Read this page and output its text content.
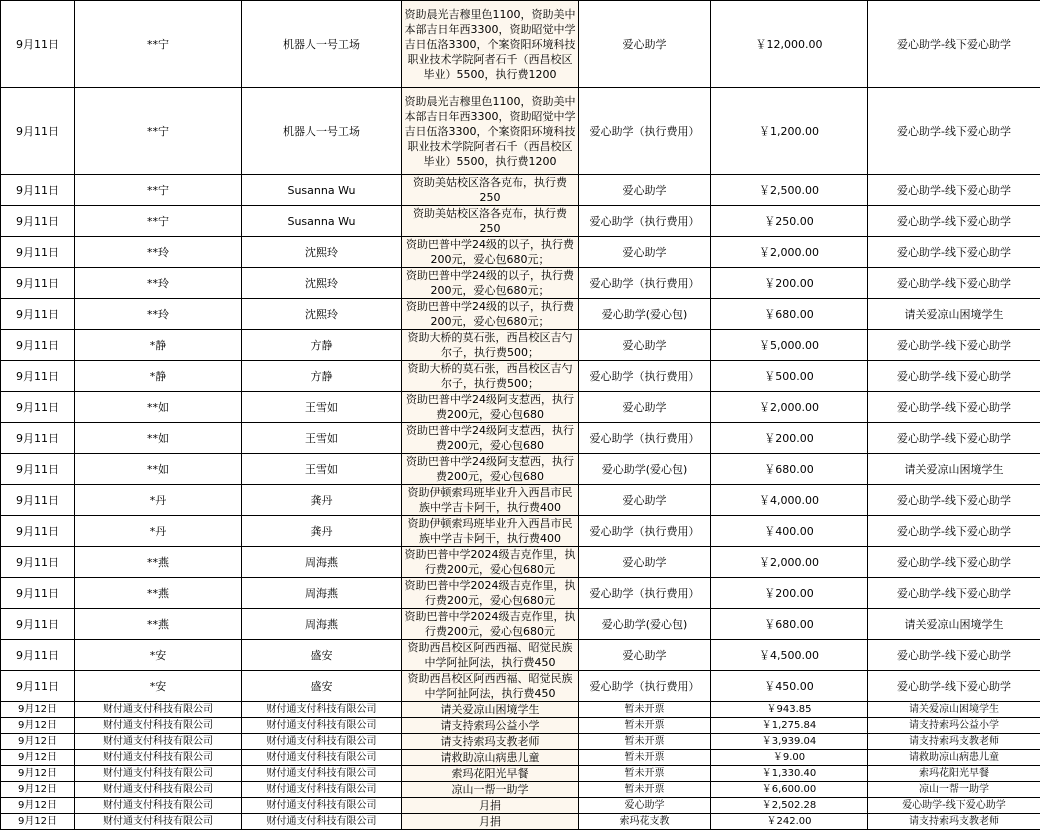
9月11日	**宁	机器人一号工场	资助晨光吉穆里色1100，资助美中本部吉日年西3300，资助昭觉中学吉日伍洛3300，个案资阳环境科技职业技术学院阿者石千（西昌校区毕业）5500，执行费1200	爱心助学	￥12,000.00	爱心助学-线下爱心助学
9月11日	**宁	机器人一号工场	资助晨光吉穆里色1100，资助美中本部吉日年西3300，资助昭觉中学吉日伍洛3300，个案资阳环境科技职业技术学院阿者石千（西昌校区毕业）5500，执行费1200	爱心助学（执行费用）	￥1,200.00	爱心助学-线下爱心助学
9月11日	**宁	Susanna Wu	资助美姑校区洛各克布，执行费250	爱心助学	￥2,500.00	爱心助学-线下爱心助学
9月11日	**宁	Susanna Wu	资助美姑校区洛各克布，执行费250	爱心助学（执行费用）	￥250.00	爱心助学-线下爱心助学
9月11日	**玲	沈熙玲	资助巴普中学24级的以子，执行费200元，爱心包680元；	爱心助学	￥2,000.00	爱心助学-线下爱心助学
9月11日	**玲	沈熙玲	资助巴普中学24级的以子，执行费200元，爱心包680元；	爱心助学（执行费用）	￥200.00	爱心助学-线下爱心助学
9月11日	**玲	沈熙玲	资助巴普中学24级的以子，执行费200元，爱心包680元；	爱心助学(爱心包)	￥680.00	请关爱凉山困境学生
9月11日	*静	方静	资助大桥的莫石张，西昌校区吉勺尔子，执行费500；	爱心助学	￥5,000.00	爱心助学-线下爱心助学
9月11日	*静	方静	资助大桥的莫石张，西昌校区吉勺尔子，执行费500；	爱心助学（执行费用）	￥500.00	爱心助学-线下爱心助学
9月11日	**如	王雪如	资助巴普中学24级阿支惹西，执行费200元，爱心包680	爱心助学	￥2,000.00	爱心助学-线下爱心助学
9月11日	**如	王雪如	资助巴普中学24级阿支惹西，执行费200元，爱心包680	爱心助学（执行费用）	￥200.00	爱心助学-线下爱心助学
9月11日	**如	王雪如	资助巴普中学24级阿支惹西，执行费200元，爱心包680	爱心助学(爱心包)	￥680.00	请关爱凉山困境学生
9月11日	*丹	龚丹	资助伊顿索玛班毕业升入西昌市民族中学吉卡阿干，执行费400	爱心助学	￥4,000.00	爱心助学-线下爱心助学
9月11日	*丹	龚丹	资助伊顿索玛班毕业升入西昌市民族中学吉卡阿干，执行费400	爱心助学（执行费用）	￥400.00	爱心助学-线下爱心助学
9月11日	**燕	周海燕	资助巴普中学2024级吉克作里，执行费200元，爱心包680元	爱心助学	￥2,000.00	爱心助学-线下爱心助学
9月11日	**燕	周海燕	资助巴普中学2024级吉克作里，执行费200元，爱心包680元	爱心助学（执行费用）	￥200.00	爱心助学-线下爱心助学
9月11日	**燕	周海燕	资助巴普中学2024级吉克作里，执行费200元，爱心包680元	爱心助学(爱心包)	￥680.00	请关爱凉山困境学生
9月11日	*安	盛安	资助西昌校区阿西西福、昭觉民族中学阿扯阿法，执行费450	爱心助学	￥4,500.00	爱心助学-线下爱心助学
9月11日	*安	盛安	资助西昌校区阿西西福、昭觉民族中学阿扯阿法，执行费450	爱心助学（执行费用）	￥450.00	爱心助学-线下爱心助学
9月12日	财付通支付科技有限公司	财付通支付科技有限公司	请关爱凉山困境学生	暂未开票	￥943.85	请关爱凉山困境学生
9月12日	财付通支付科技有限公司	财付通支付科技有限公司	请支持索玛公益小学	暂未开票	￥1,275.84	请支持索玛公益小学
9月12日	财付通支付科技有限公司	财付通支付科技有限公司	请支持索玛支教老师	暂未开票	￥3,939.04	请支持索玛支教老师
9月12日	财付通支付科技有限公司	财付通支付科技有限公司	请救助凉山病患儿童	暂未开票	￥9.00	请救助凉山病患儿童
9月12日	财付通支付科技有限公司	财付通支付科技有限公司	索玛花阳光早餐	暂未开票	￥1,330.40	索玛花阳光早餐
9月12日	财付通支付科技有限公司	财付通支付科技有限公司	凉山一帮一助学	暂未开票	￥6,600.00	凉山一帮一助学
9月12日	财付通支付科技有限公司	财付通支付科技有限公司	月捐	爱心助学	￥2,502.28	爱心助学-线下爱心助学
9月12日	财付通支付科技有限公司	财付通支付科技有限公司	月捐	索玛花支教	￥242.00	请支持索玛支教老师
